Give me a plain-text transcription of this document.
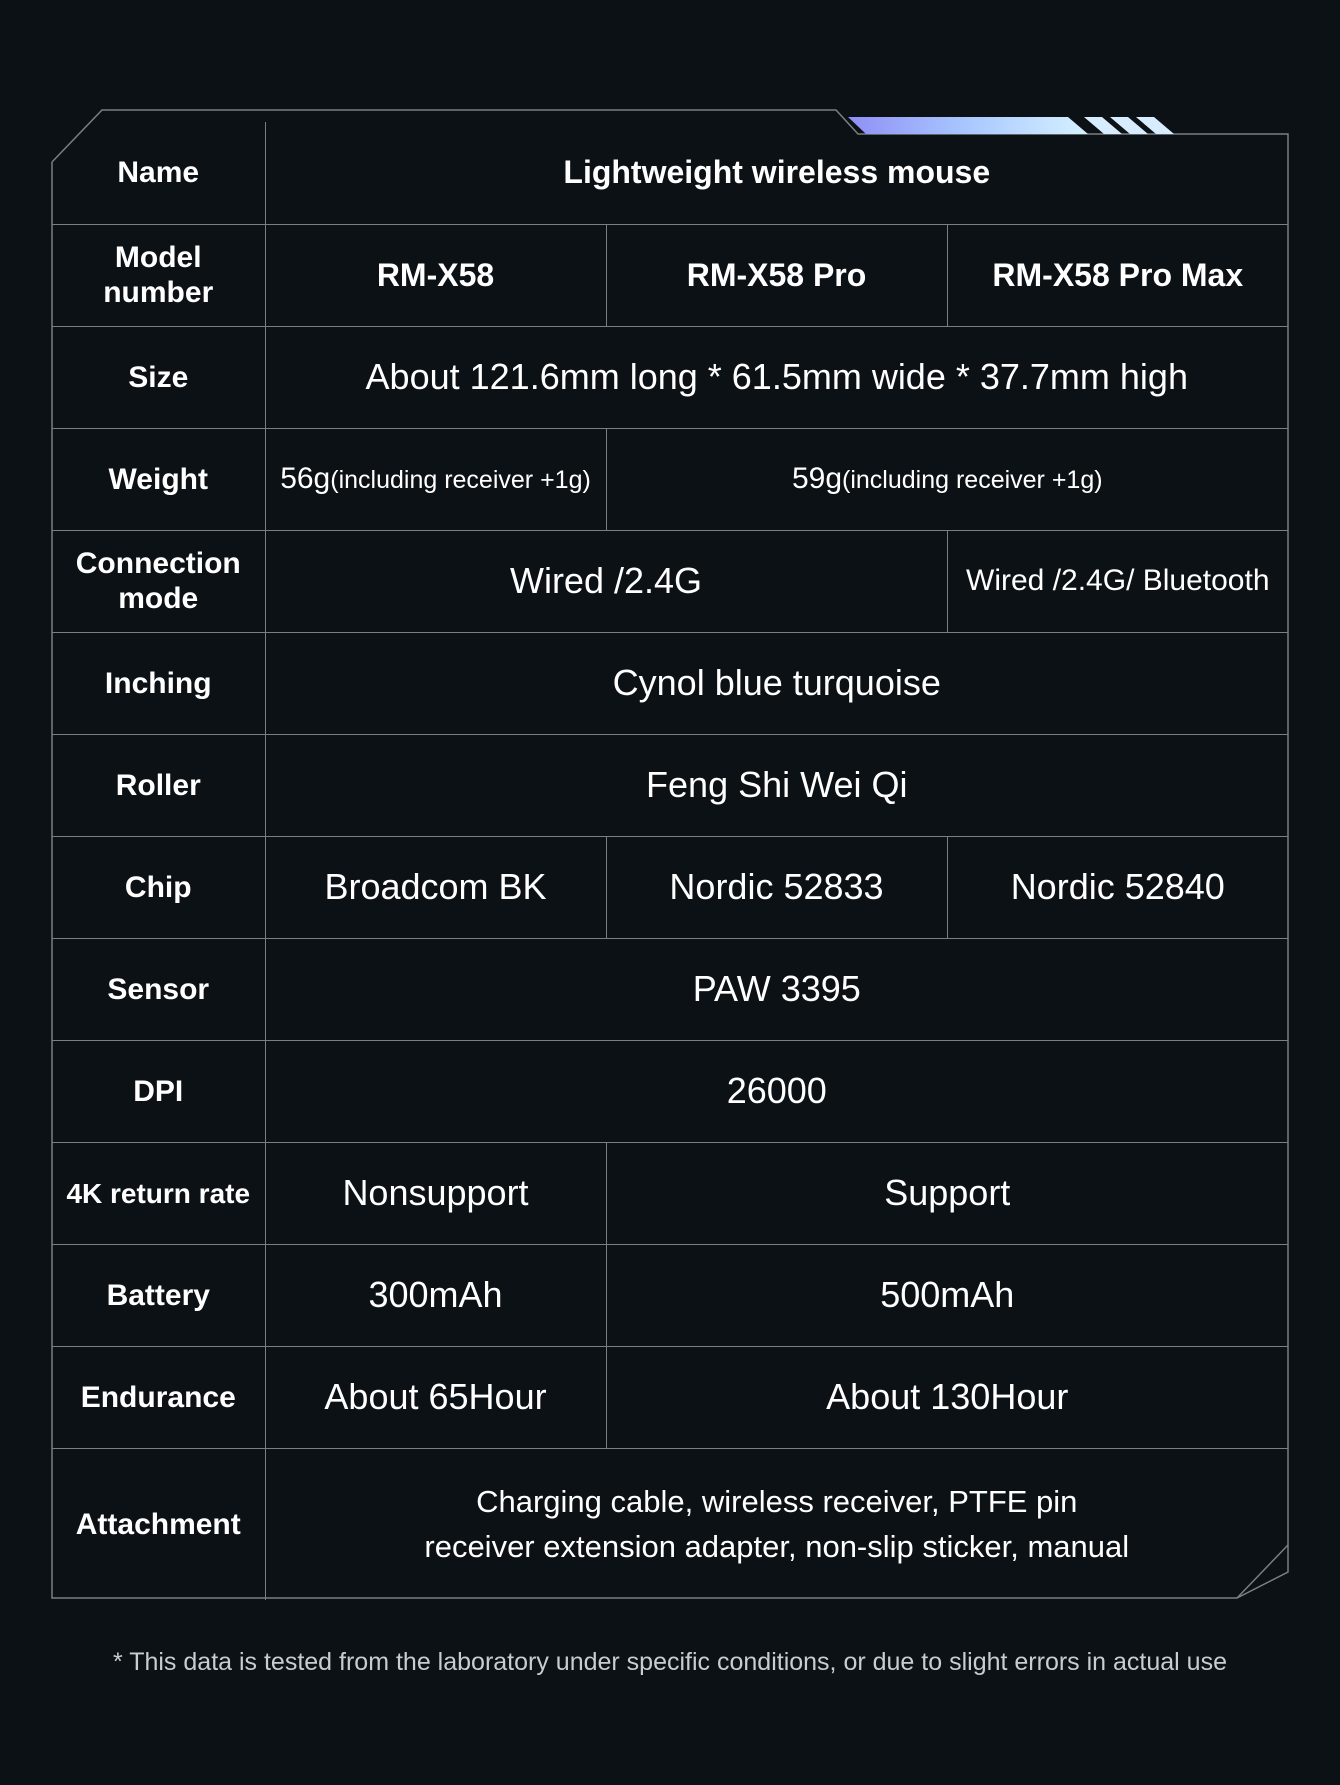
Name	Lightweight wireless mouse		
Model number	RM-X58	RM-X58 Pro	RM-X58 Pro Max
Size	About 121.6mm long * 61.5mm wide * 37.7mm high		
Weight	56g(including receiver +1g)	59g(including receiver +1g)	
Connection mode	Wired /2.4G		Wired /2.4G/ Bluetooth
Inching	Cynol blue turquoise		
Roller	Feng Shi Wei Qi		
Chip	Broadcom BK	Nordic 52833	Nordic 52840
Sensor	PAW 3395		
DPI	26000		
4K return rate	Nonsupport	Support	
Battery	300mAh	500mAh	
Endurance	About 65Hour	About 130Hour	
Attachment	Charging cable, wireless receiver, PTFE pin
receiver extension adapter, non-slip sticker, manual		
* This data is tested from the laboratory under specific conditions, or due to slight errors in actual use
